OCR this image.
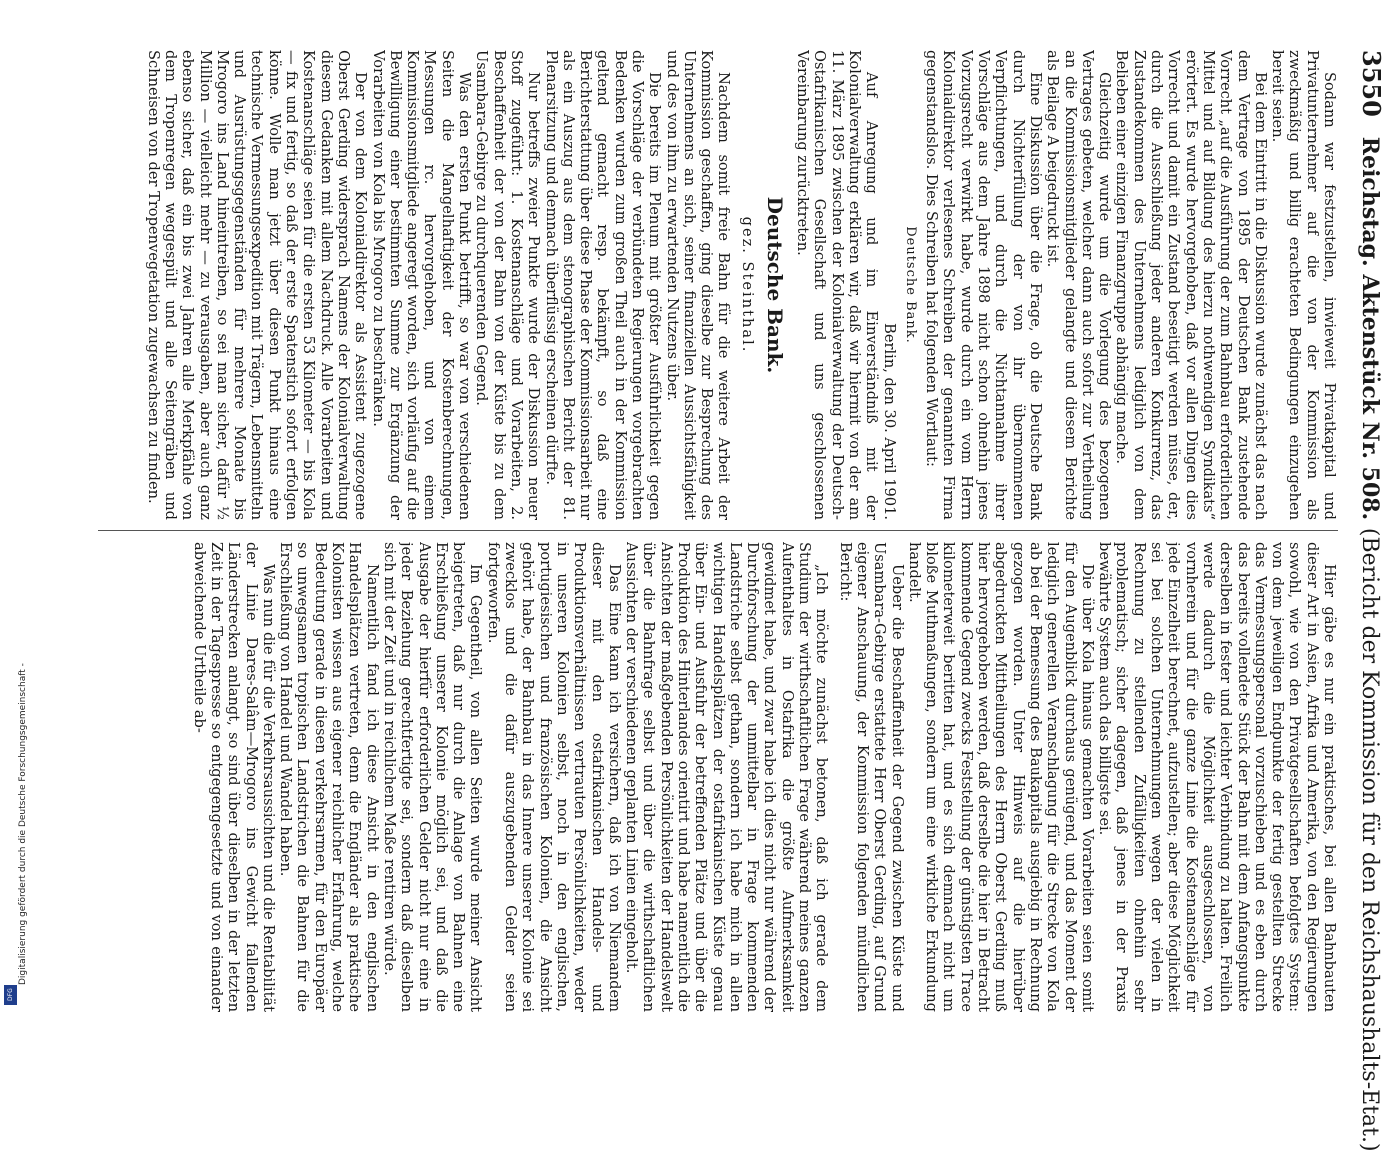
3550
Reichstag. Aktenstück Nr. 508. (Bericht der Kommission für den Reichshaushalts-Etat.)

Sodann war festzustellen, inwieweit Privatkapital und Privatunternehmer auf die von der Kommission als zweckmäßig und billig erachteten Bedingungen einzugehen bereit seien.

Bei dem Eintritt in die Diskussion wurde zunächst das nach dem Vertrage von 1895 der Deutschen Bank zustehende Vorrecht „auf die Ausführung der zum Bahnbau erforderlichen Mittel und auf Bildung des hierzu nothwendigen Syndikats“ erörtert. Es wurde hervorgehoben, daß vor allen Dingen dies Vorrecht und damit ein Zustand beseitigt werden müsse, der, durch die Ausschließung jeder anderen Konkurrenz, das Zustandekommen des Unternehmens lediglich von dem Belieben einer einzigen Finanzgruppe abhängig mache.

Gleichzeitig wurde um die Vorlegung des bezogenen Vertrages gebeten, welcher dann auch sofort zur Vertheilung an die Kommissionsmitglieder gelangte und diesem Berichte als Beilage A beigedruckt ist.

Eine Diskussion über die Frage, ob die Deutsche Bank durch Nichterfüllung der von ihr übernommenen Verpflichtungen, und durch die Nichtannahme ihrer Vorschläge aus dem Jahre 1898 nicht schon ohnehin jenes Vorzugsrecht verwirkt habe, wurde durch ein vom Herrn Kolonialdirektor verlesenes Schreiben der genannten Firma gegenstandslos. Dies Schreiben hat folgenden Wortlaut:

Deutsche Bank.

Berlin, den 30. April 1901.

Auf Anregung und im Einverständniß mit der Kolonialverwaltung erklären wir, daß wir hiermit von der am 11. März 1895 zwischen der Kolonialverwaltung der Deutsch-Ostafrikanischen Gesellschaft und uns geschlossenen Vereinbarung zurücktreten.

Deutsche Bank.

gez. Steinthal.

Nachdem somit freie Bahn für die weitere Arbeit der Kommission geschaffen, ging dieselbe zur Besprechung des Unternehmens an sich, seiner finanziellen Aussichtsfähigkeit und des von ihm zu erwartenden Nutzens über.

Die bereits im Plenum mit größter Ausführlichkeit gegen die Vorschläge der verbündeten Regierungen vorgebrachten Bedenken wurden zum großen Theil auch in der Kommission geltend gemacht resp. bekämpft, so daß eine Berichterstattung über diese Phase der Kommissionsarbeit nur als ein Auszug aus dem stenographischen Bericht der 81. Plenarsitzung und demnach überflüssig erscheinen dürfte.

Nur betreffs zweier Punkte wurde der Diskussion neuer Stoff zugeführt: 1. Kostenanschläge und Vorarbeiten, 2. Beschaffenheit der von der Bahn von der Küste bis zu dem Usambara-Gebirge zu durchquerenden Gegend.

Was den ersten Punkt betrifft, so war von verschiedenen Seiten die Mangelhaftigkeit der Kostenberechnungen, Messungen rc. hervorgehoben, und von einem Kommissionsmitgliede angeregt worden, sich vorläufig auf die Bewilligung einer bestimmten Summe zur Ergänzung der Vorarbeiten von Kola bis Mrogoro zu beschränken.

Der von dem Kolonialdirektor als Assistent zugezogene Oberst Gerding widersprach Namens der Kolonialverwaltung diesem Gedanken mit allem Nachdruck. Alle Vorarbeiten und Kostenanschläge seien für die ersten 53 Kilometer — bis Kola — fix und fertig, so daß der erste Spatenstich sofort erfolgen könne. Wolle man jetzt über diesen Punkt hinaus eine technische Vermessungsexpedition mit Trägern, Lebensmitteln und Ausrüstungsgegenständen für mehrere Monate bis Mrogoro ins Land hineintreiben, so sei man sicher, dafür ½ Million — vielleicht mehr — zu verausgaben, aber auch ganz ebenso sicher, daß ein bis zwei Jahren alle Merkpfähle von dem Tropenregen weggespült und alle Seitengräben und Schneisen von der Tropenvegetation zugewachsen zu finden.

Hier gäbe es nur ein praktisches, bei allen Bahnbauten dieser Art in Asien, Afrika und Amerika, von den Regierungen sowohl, wie von den Privatgesellschaften befolgtes System: von dem jeweiligen Endpunkte der fertig gestellten Strecke das Vermessungspersonal vorzuschieben und es eben durch das bereits vollendete Stück der Bahn mit dem Anfangspunkte derselben in fester und leichter Verbindung zu halten. Freilich werde dadurch die Möglichkeit ausgeschlossen, von vornherein und für die ganze Linie die Kostenanschläge für jede Einzelheit berechnet, aufzustellen; aber diese Möglichkeit sei bei solchen Unternehmungen wegen der vielen in Rechnung zu stellenden Zufälligkeiten ohnehin sehr problematisch; sicher dagegen, daß jenes in der Praxis bewährte System auch das billigste sei.

Die über Kola hinaus gemachten Vorarbeiten seien somit für den Augenblick durchaus genügend, und das Moment der lediglich generellen Veranschlagung für die Strecke von Kola ab bei der Bemessung des Baukapitals ausgiebig in Rechnung gezogen worden. Unter Hinweis auf die hierüber abgedruckten Mittheilungen des Herrn Oberst Gerding muß hier hervorgehoben werden, daß derselbe die hier in Betracht kommende Gegend zwecks Feststellung der günstigsten Trace kilometerweit beritten hat, und es sich demnach nicht um bloße Muthmaßungen, sondern um eine wirkliche Erkundung handelt.

Ueber die Beschaffenheit der Gegend zwischen Küste und Usambara-Gebirge erstattete Herr Oberst Gerding, auf Grund eigener Anschauung, der Kommission folgenden mündlichen Bericht:

„Ich möchte zunächst betonen, daß ich gerade dem Studium der wirthschaftlichen Frage während meines ganzen Aufenthaltes in Ostafrika die größte Aufmerksamkeit gewidmet habe, und zwar habe ich dies nicht nur während der Durchforschung der unmittelbar in Frage kommenden Landstriche selbst gethan, sondern ich habe mich in allen wichtigen Handelsplätzen der ostafrikanischen Küste genau über Ein- und Ausfuhr der betreffenden Plätze und über die Produktion des Hinterlandes orientirt und habe namentlich die Ansichten der maßgebenden Persönlichkeiten der Handelswelt über die Bahnfrage selbst und über die wirthschaftlichen Aussichten der verschiedenen geplanten Linien eingeholt.

Das Eine kann ich versichern, daß ich von Niemandem dieser mit den ostafrikanischen Handels- und Produktionsverhältnissen vertrauten Persönlichkeiten, weder in unseren Kolonien selbst, noch in den englischen, portugiesischen und französischen Kolonien, die Ansicht gehört habe, der Bahnbau in das Innere unserer Kolonie sei zwecklos und die dafür auszugebenden Gelder seien fortgeworfen.

Im Gegentheil, von allen Seiten wurde meiner Ansicht beigetreten, daß nur durch die Anlage von Bahnen eine Erschließung unserer Kolonie möglich sei, und daß die Ausgabe der hierfür erforderlichen Gelder nicht nur eine in jeder Beziehung gerechtfertigte sei, sondern daß dieselben sich mit der Zeit und in reichlichem Maße rentiren würde.

Namentlich fand ich diese Ansicht in den englischen Handelsplätzen vertreten, denn die Engländer als praktische Kolonisten wissen aus eigener reichlicher Erfahrung, welche Bedeutung gerade in diesen verkehrsarmen, für den Europäer so unwegsamen tropischen Landstrichen die Bahnen für die Erschließung von Handel und Wandel haben.

Was nun die für die Verkehrsaussichten und die Rentabilität der Linie Dares-Salâm—Mrogoro ins Gewicht fallenden Länderstrecken anlangt, so sind über dieselben in der letzten Zeit in der Tagespresse so entgegengesetzte und von einander abweichende Urtheile ab-

Digitalisierung gefördert durch die Deutsche Forschungsgemeinschaft -
DFG
